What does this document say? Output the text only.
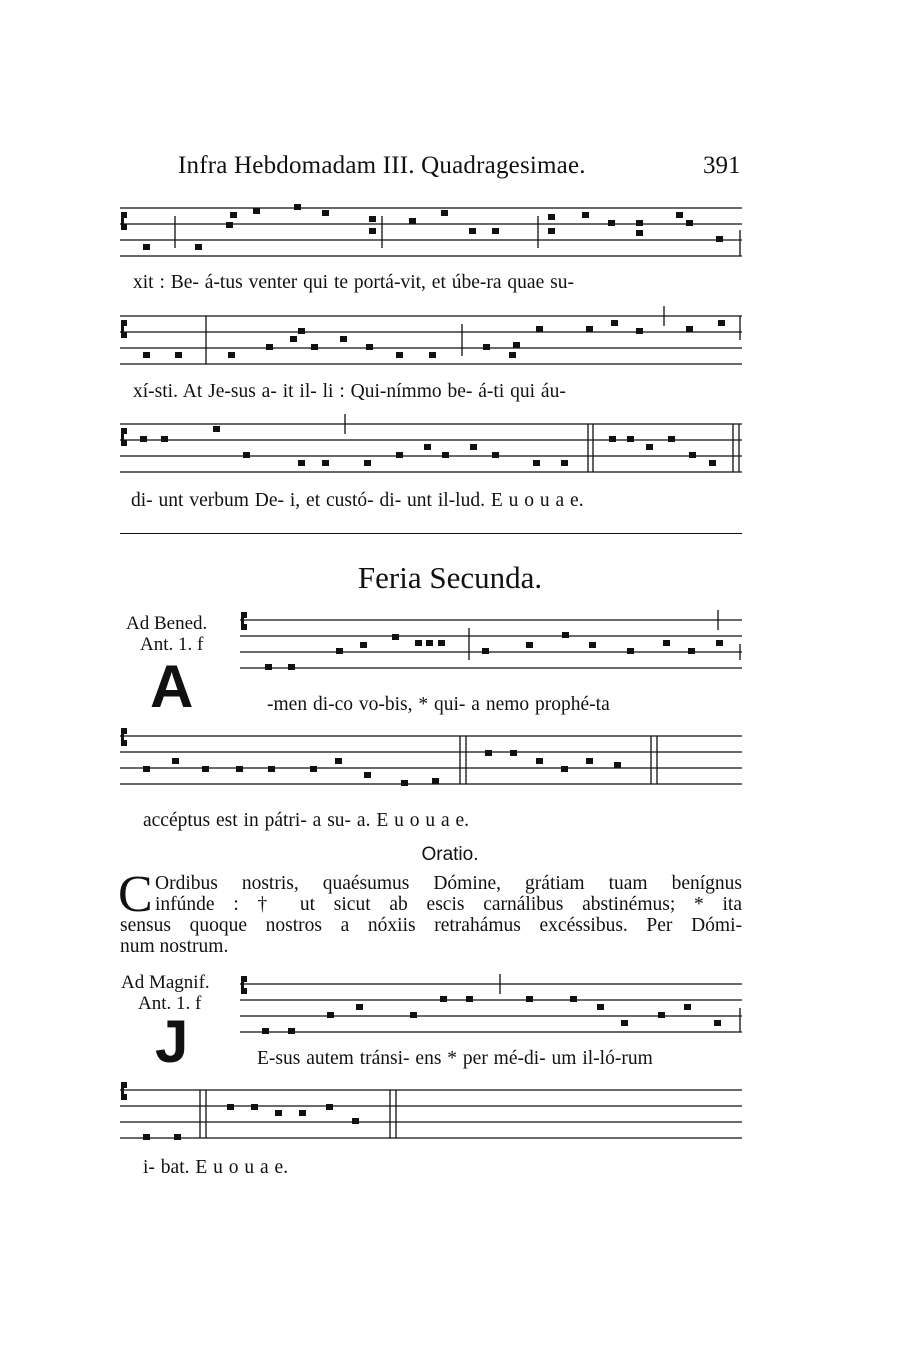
Infra Hebdomadam III. Quadragesimae.	391
xit : Be- á-tus venter qui te portá-vit, et úbe-ra quae su-
xí-sti. At Je-sus a- it il- li : Qui-nímmo be- á-ti qui áu-
di- unt verbum De- i, et custó- di- unt il-lud. E u o u a e.
Feria Secunda.
Ad Bened.
Ant. 1. f
A	-men di-co vo-bis, * qui- a nemo prophé-ta
accéptus est in pátri- a su- a. E u o u a e.
Oratio.
C Ordibus nostris, quaésumus Dómine, grátiam tuam benígnus
infúnde : † ut sicut ab escis carnálibus abstinémus; * ita
sensus quoque nostros a nóxiis retrahámus excéssibus. Per Dómi-
num nostrum.
Ad Magnif.
Ant. 1. f
J	E-sus autem tránsi- ens * per mé-di- um il-ló-rum
i- bat. E u o u a e.
